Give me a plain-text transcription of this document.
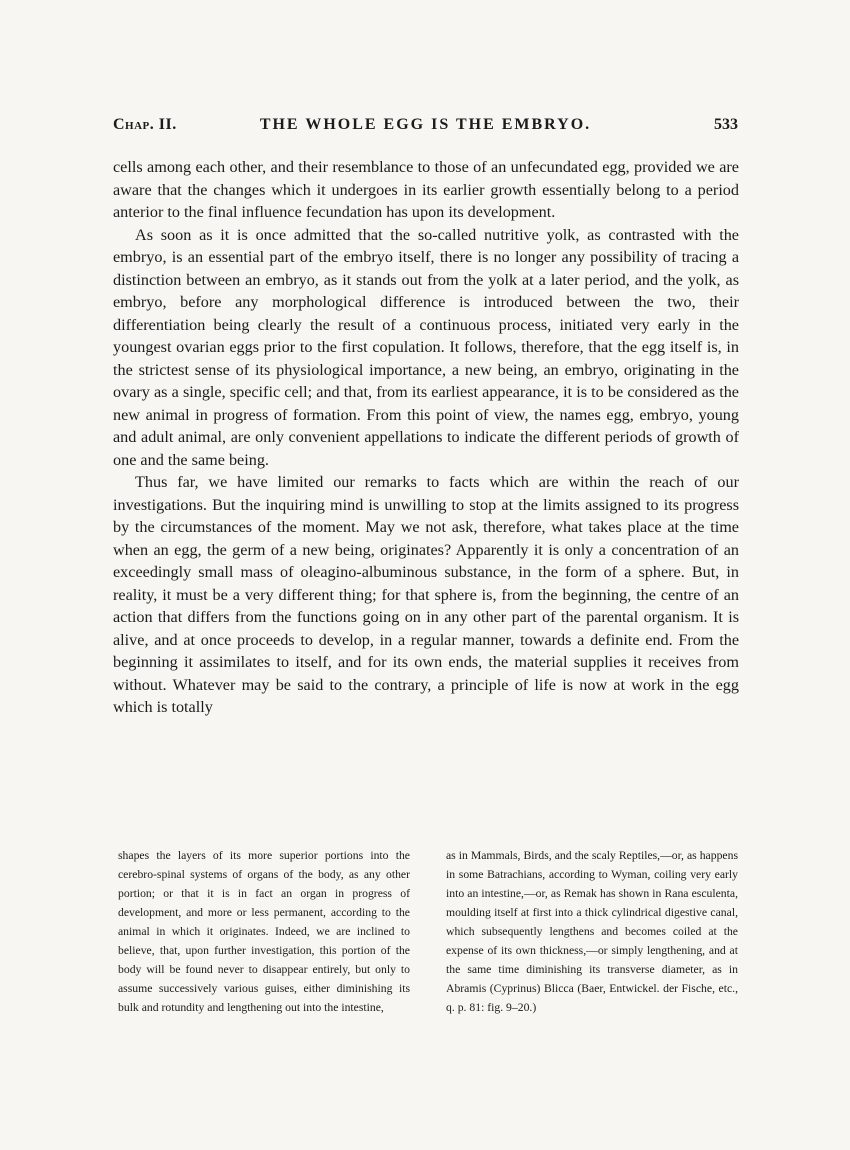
Chap. II.	THE WHOLE EGG IS THE EMBRYO.	533

cells among each other, and their resemblance to those of an unfecundated egg, provided we are aware that the changes which it undergoes in its earlier growth essentially belong to a period anterior to the final influence fecundation has upon its development.

As soon as it is once admitted that the so-called nutritive yolk, as contrasted with the embryo, is an essential part of the embryo itself, there is no longer any possibility of tracing a distinction between an embryo, as it stands out from the yolk at a later period, and the yolk, as embryo, before any morphological difference is introduced between the two, their differentiation being clearly the result of a continuous process, initiated very early in the youngest ovarian eggs prior to the first copulation. It follows, therefore, that the egg itself is, in the strictest sense of its physiological importance, a new being, an embryo, originating in the ovary as a single, specific cell; and that, from its earliest appearance, it is to be considered as the new animal in progress of formation. From this point of view, the names egg, embryo, young and adult animal, are only convenient appellations to indicate the different periods of growth of one and the same being.

Thus far, we have limited our remarks to facts which are within the reach of our investigations. But the inquiring mind is unwilling to stop at the limits assigned to its progress by the circumstances of the moment. May we not ask, therefore, what takes place at the time when an egg, the germ of a new being, originates? Apparently it is only a concentration of an exceedingly small mass of oleagino-albuminous substance, in the form of a sphere. But, in reality, it must be a very different thing; for that sphere is, from the beginning, the centre of an action that differs from the functions going on in any other part of the parental organism. It is alive, and at once proceeds to develop, in a regular manner, towards a definite end. From the beginning it assimilates to itself, and for its own ends, the material supplies it receives from without. Whatever may be said to the contrary, a principle of life is now at work in the egg which is totally

shapes the layers of its more superior portions into the cerebro-spinal systems of organs of the body, as any other portion; or that it is in fact an organ in progress of development, and more or less permanent, according to the animal in which it originates. Indeed, we are inclined to believe, that, upon further investigation, this portion of the body will be found never to disappear entirely, but only to assume successively various guises, either diminishing its bulk and rotundity and lengthening out into the intestine,

as in Mammals, Birds, and the scaly Reptiles,—or, as happens in some Batrachians, according to Wyman, coiling very early into an intestine,—or, as Remak has shown in Rana esculenta, moulding itself at first into a thick cylindrical digestive canal, which subsequently lengthens and becomes coiled at the expense of its own thickness,—or simply lengthening, and at the same time diminishing its transverse diameter, as in Abramis (Cyprinus) Blicca (Baer, Entwickel. der Fische, etc., q. p. 81: fig. 9–20.)
